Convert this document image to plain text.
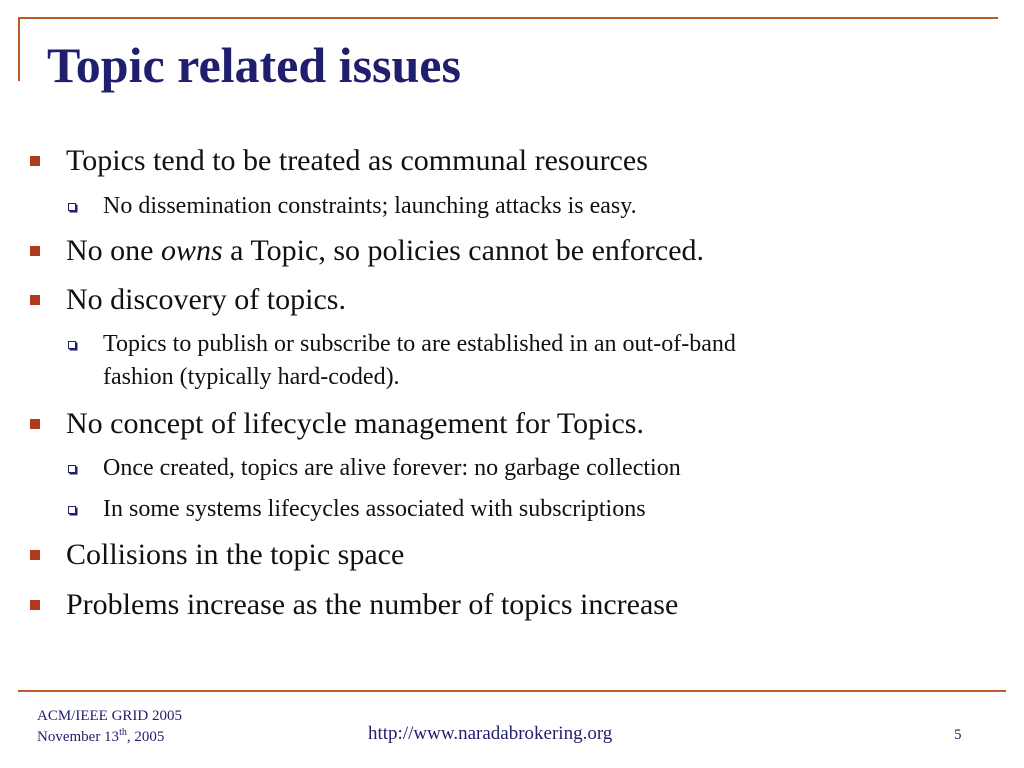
Topic related issues
Topics tend to be treated as communal resources
No dissemination constraints; launching attacks is easy.
No one owns a Topic, so policies cannot be enforced.
No discovery of topics.
Topics to publish or subscribe to are established in an out-of-band
fashion (typically hard-coded).
No concept of lifecycle management for Topics.
Once created, topics are alive forever: no garbage collection
In some systems lifecycles associated with subscriptions
Collisions in the topic space
Problems increase as the number of topics increase
ACM/IEEE GRID 2005
November 13th, 2005	http://www.naradabrokering.org	5
